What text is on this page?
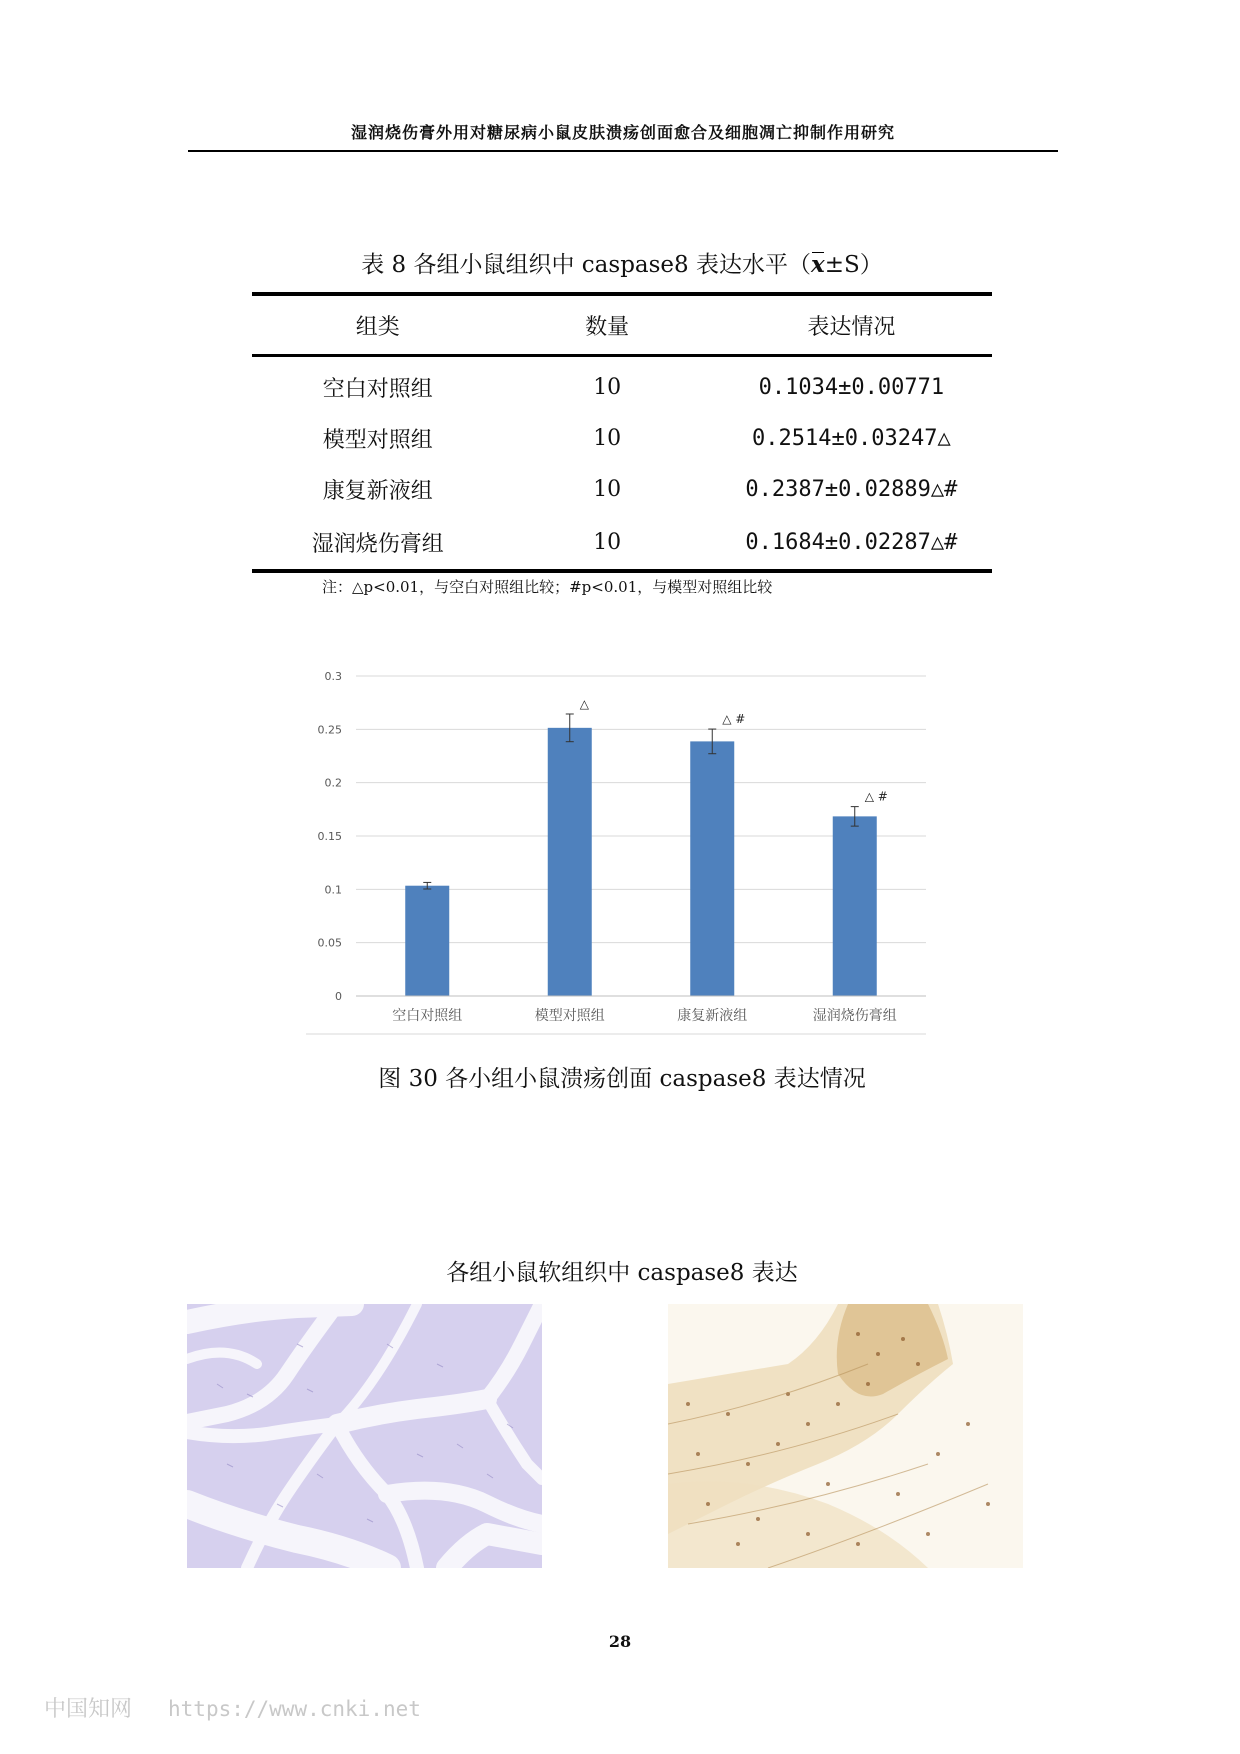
湿润烧伤膏外用对糖尿病小鼠皮肤溃疡创面愈合及细胞凋亡抑制作用研究
表 8 各组小鼠组织中 caspase8 表达水平（x±S）
组类	数量	表达情况
空白对照组	10	0.1034±0.00771
模型对照组	10	0.2514±0.03247△
康复新液组	10	0.2387±0.02889△#
湿润烧伤膏组	10	0.1684±0.02287△#
注：△p<0.01，与空白对照组比较；#p<0.01，与模型对照组比较
0
0.05
0.1
0.15
0.2
0.25
0.3
空白对照组
△
模型对照组
△ #
康复新液组
△ #
湿润烧伤膏组
图 30 各小组小鼠溃疡创面 caspase8 表达情况
各组小鼠软组织中 caspase8 表达
28
中国知网 https://www.cnki.net
